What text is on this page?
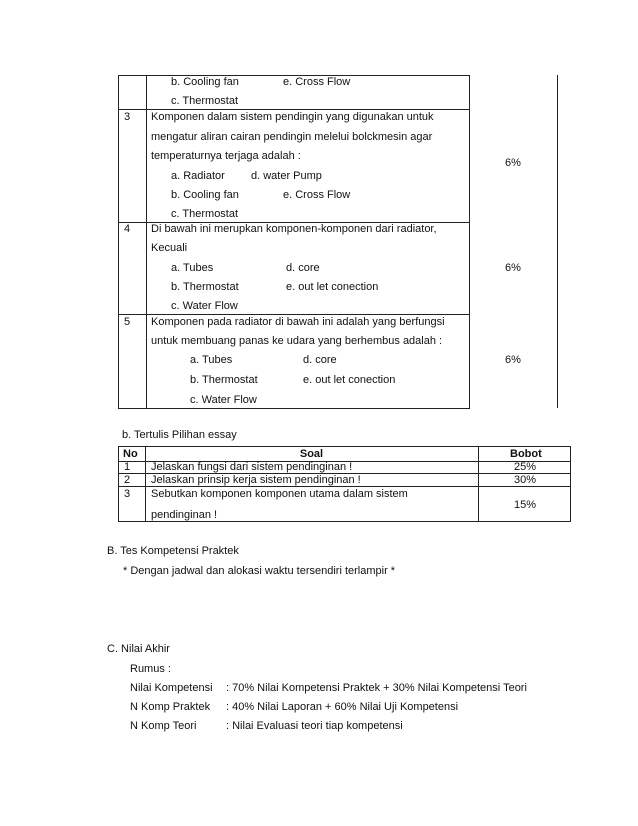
b. Cooling fan	e. Cross Flow
c. Thermostat
3 Komponen dalam sistem pendingin yang digunakan untuk
mengatur aliran cairan pendingin melelui bolckmesin agar
temperaturnya terjaga adalah :
a. Radiator d. water Pump
b. Cooling fan	e. Cross Flow
c. Thermostat
6%
4 Di bawah ini merupkan komponen-komponen dari radiator,
Kecuali
a. Tubes	d. core
b. Thermostat	e. out let conection
c. Water Flow
6%
5 Komponen pada radiator di bawah ini adalah yang berfungsi
untuk membuang panas ke udara yang berhembus adalah :
a. Tubes	d. core
b. Thermostat	e. out let conection
c. Water Flow
6%
b. Tertulis Pilihan essay
No	Soal	Bobot
1 Jelaskan fungsi dari sistem pendinginan !	25%
2 Jelaskan prinsip kerja sistem pendinginan !	30%
3 Sebutkan komponen komponen utama dalam sistem
pendinginan !
15%
B. Tes Kompetensi Praktek
* Dengan jadwal dan alokasi waktu tersendiri terlampir *
C. Nilai Akhir
Rumus :
Nilai Kompetensi : 70% Nilai Kompetensi Praktek + 30% Nilai Kompetensi Teori
N Komp Praktek : 40% Nilai Laporan + 60% Nilai Uji Kompetensi
N Komp Teori	: Nilai Evaluasi teori tiap kompetensi
